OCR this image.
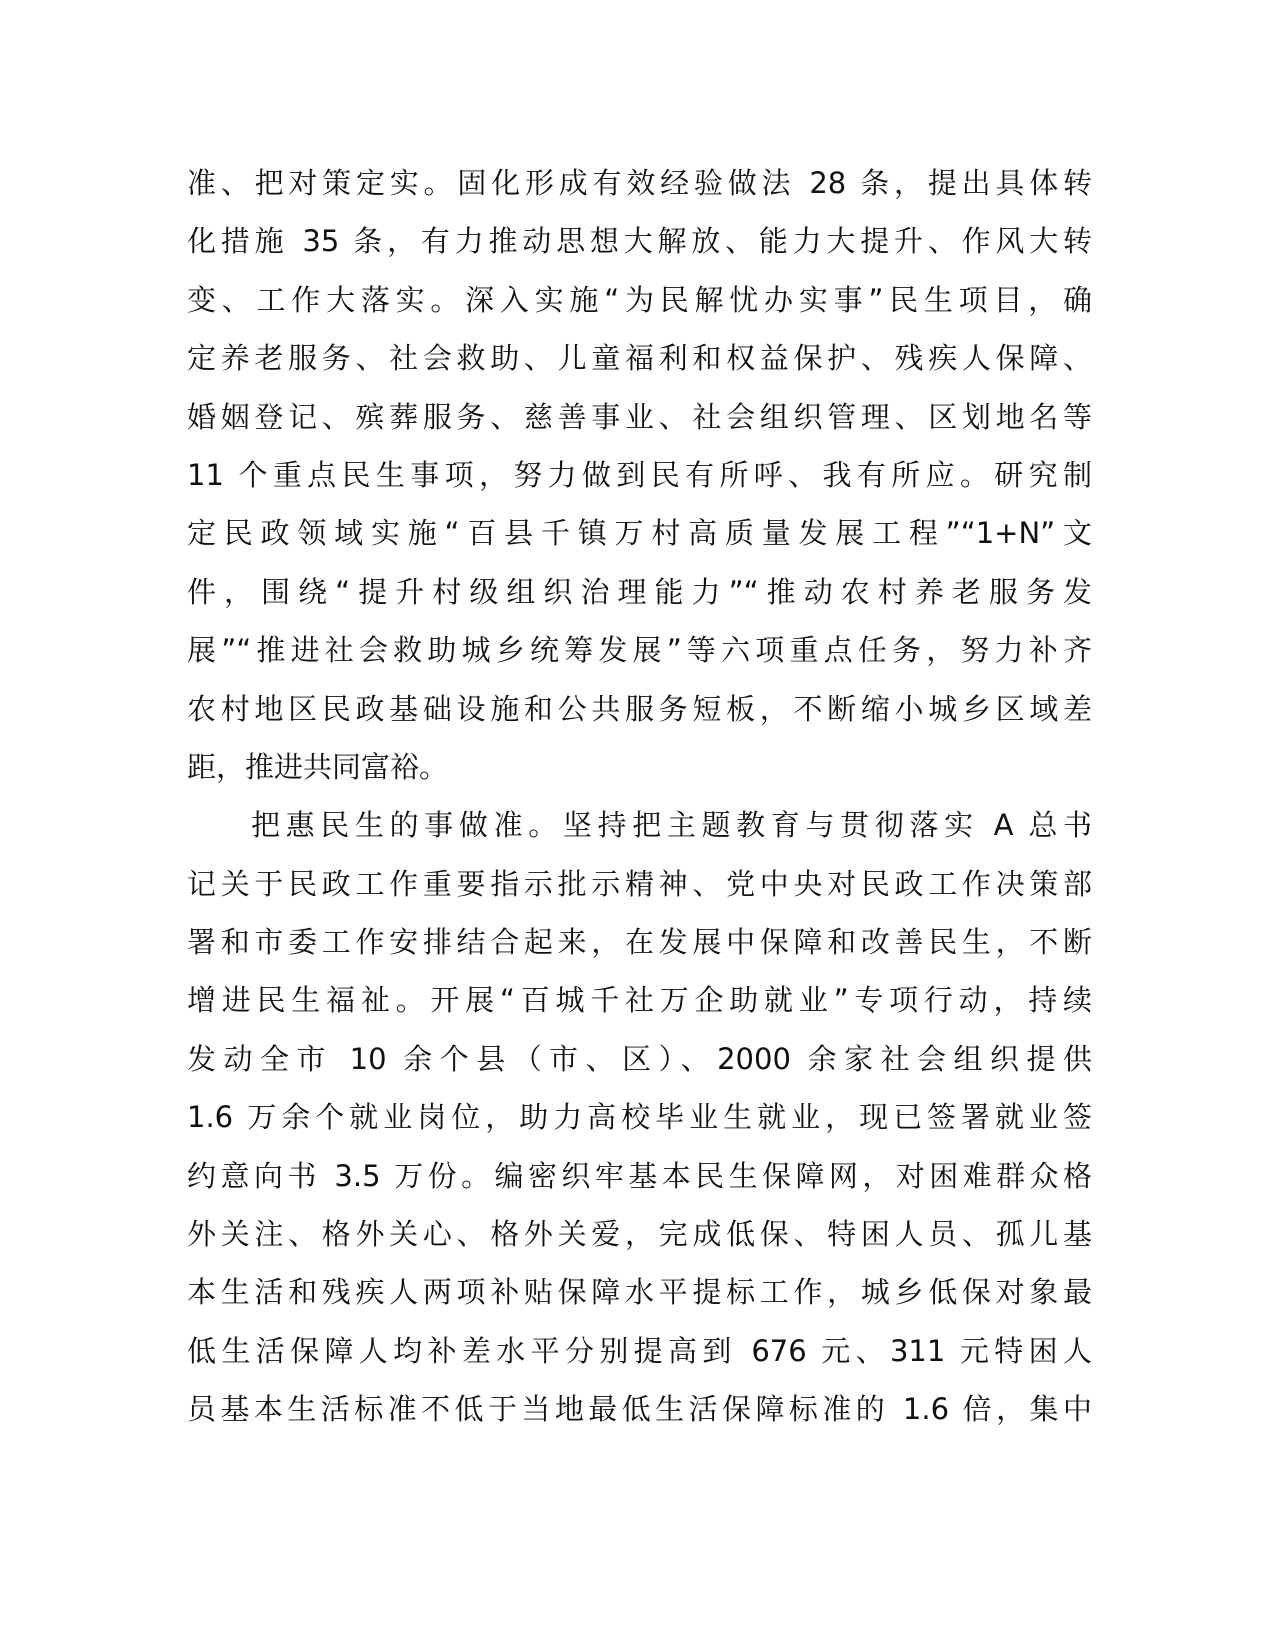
准、把对策定实。固化形成有效经验做法 28 条，提出具体转
化措施 35 条，有力推动思想大解放、能力大提升、作风大转
变、工作大落实。深入实施“为民解忧办实事”民生项目，确
定养老服务、社会救助、儿童福利和权益保护、残疾人保障、
婚姻登记、殡葬服务、慈善事业、社会组织管理、区划地名等
11 个重点民生事项，努力做到民有所呼、我有所应。研究制
定民政领域实施“百县千镇万村高质量发展工程”“1+N”文
件，围绕“提升村级组织治理能力”“推动农村养老服务发
展”“推进社会救助城乡统筹发展”等六项重点任务，努力补齐
农村地区民政基础设施和公共服务短板，不断缩小城乡区域差
距，推进共同富裕。
把惠民生的事做准。坚持把主题教育与贯彻落实 A 总书
记关于民政工作重要指示批示精神、党中央对民政工作决策部
署和市委工作安排结合起来，在发展中保障和改善民生，不断
增进民生福祉。开展“百城千社万企助就业”专项行动，持续
发动全市 10 余个县（市、区）、2000 余家社会组织提供
1.6 万余个就业岗位，助力高校毕业生就业，现已签署就业签
约意向书 3.5 万份。编密织牢基本民生保障网，对困难群众格
外关注、格外关心、格外关爱，完成低保、特困人员、孤儿基
本生活和残疾人两项补贴保障水平提标工作，城乡低保对象最
低生活保障人均补差水平分别提高到 676 元、311 元特困人
员基本生活标准不低于当地最低生活保障标准的 1.6 倍，集中
